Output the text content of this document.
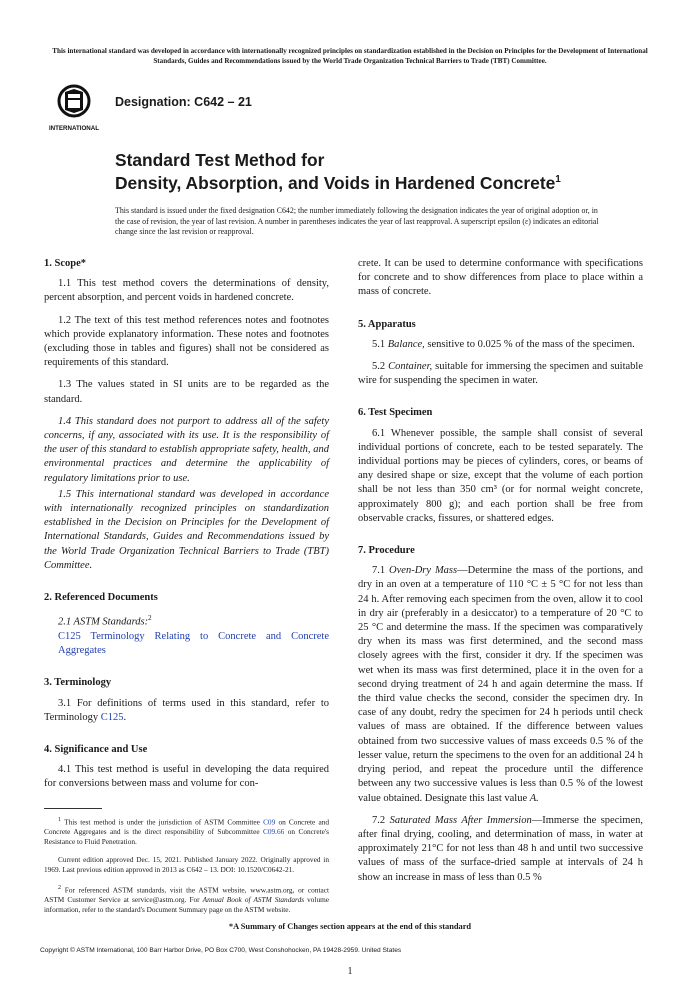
This international standard was developed in accordance with internationally recognized principles on standardization established in the Decision on Principles for the Development of International Standards, Guides and Recommendations issued by the World Trade Organization Technical Barriers to Trade (TBT) Committee.
INTERNATIONAL
Designation: C642 – 21
Standard Test Method for
Density, Absorption, and Voids in Hardened Concrete$^1$
This standard is issued under the fixed designation C642; the number immediately following the designation indicates the year of original adoption or, in the case of revision, the year of last revision. A number in parentheses indicates the year of last reapproval. A superscript epsilon (ε) indicates an editorial change since the last revision or reapproval.
1. Scope*

1.1 This test method covers the determinations of density, percent absorption, and percent voids in hardened concrete.

1.2 The text of this test method references notes and footnotes which provide explanatory information. These notes and footnotes (excluding those in tables and figures) shall not be considered as requirements of this standard.

1.3 The values stated in SI units are to be regarded as the standard.

1.4 This standard does not purport to address all of the safety concerns, if any, associated with its use. It is the responsibility of the user of this standard to establish appropriate safety, health, and environmental practices and determine the applicability of regulatory limitations prior to use.

1.5 This international standard was developed in accordance with internationally recognized principles on standardization established in the Decision on Principles for the Development of International Standards, Guides and Recommendations issued by the World Trade Organization Technical Barriers to Trade (TBT) Committee.

2. Referenced Documents

2.1 ASTM Standards:$^2$

C125 Terminology Relating to Concrete and Concrete Aggregates

3. Terminology

3.1 For definitions of terms used in this standard, refer to Terminology C125.

4. Significance and Use

4.1 This test method is useful in developing the data required for conversions between mass and volume for con-

$^1$ This test method is under the jurisdiction of ASTM Committee C09 on Concrete and Concrete Aggregates and is the direct responsibility of Subcommittee C09.66 on Concrete's Resistance to Fluid Penetration.

Current edition approved Dec. 15, 2021. Published January 2022. Originally approved in 1969. Last previous edition approved in 2013 as C642 – 13. DOI: 10.1520/C0642-21.

$^2$ For referenced ASTM standards, visit the ASTM website, www.astm.org, or contact ASTM Customer Service at service@astm.org. For Annual Book of ASTM Standards volume information, refer to the standard's Document Summary page on the ASTM website.

crete. It can be used to determine conformance with specifications for concrete and to show differences from place to place within a mass of concrete.

5. Apparatus

5.1 Balance, sensitive to 0.025 % of the mass of the specimen.

5.2 Container, suitable for immersing the specimen and suitable wire for suspending the specimen in water.

6. Test Specimen

6.1 Whenever possible, the sample shall consist of several individual portions of concrete, each to be tested separately. The individual portions may be pieces of cylinders, cores, or beams of any desired shape or size, except that the volume of each portion shall be not less than 350 cm³ (or for normal weight concrete, approximately 800 g); and each portion shall be free from observable cracks, fissures, or shattered edges.

7. Procedure

7.1 Oven-Dry Mass—Determine the mass of the portions, and dry in an oven at a temperature of 110 °C ± 5 °C for not less than 24 h. After removing each specimen from the oven, allow it to cool in dry air (preferably in a desiccator) to a temperature of 20 °C to 25 °C and determine the mass. If the specimen was comparatively dry when its mass was first determined, and the second mass closely agrees with the first, consider it dry. If the specimen was wet when its mass was first determined, place it in the oven for a second drying treatment of 24 h and again determine the mass. If the third value checks the second, consider the specimen dry. In case of any doubt, redry the specimen for 24 h periods until check values of mass are obtained. If the difference between values obtained from two successive values of mass exceeds 0.5 % of the lesser value, return the specimens to the oven for an additional 24 h drying period, and repeat the procedure until the difference between any two successive values is less than 0.5 % of the lowest value obtained. Designate this last value A.

7.2 Saturated Mass After Immersion—Immerse the specimen, after final drying, cooling, and determination of mass, in water at approximately 21°C for not less than 48 h and until two successive values of mass of the surface-dried sample at intervals of 24 h show an increase in mass of less than 0.5 %

*A Summary of Changes section appears at the end of this standard
Copyright © ASTM International, 100 Barr Harbor Drive, PO Box C700, West Conshohocken, PA 19428-2959. United States
1
